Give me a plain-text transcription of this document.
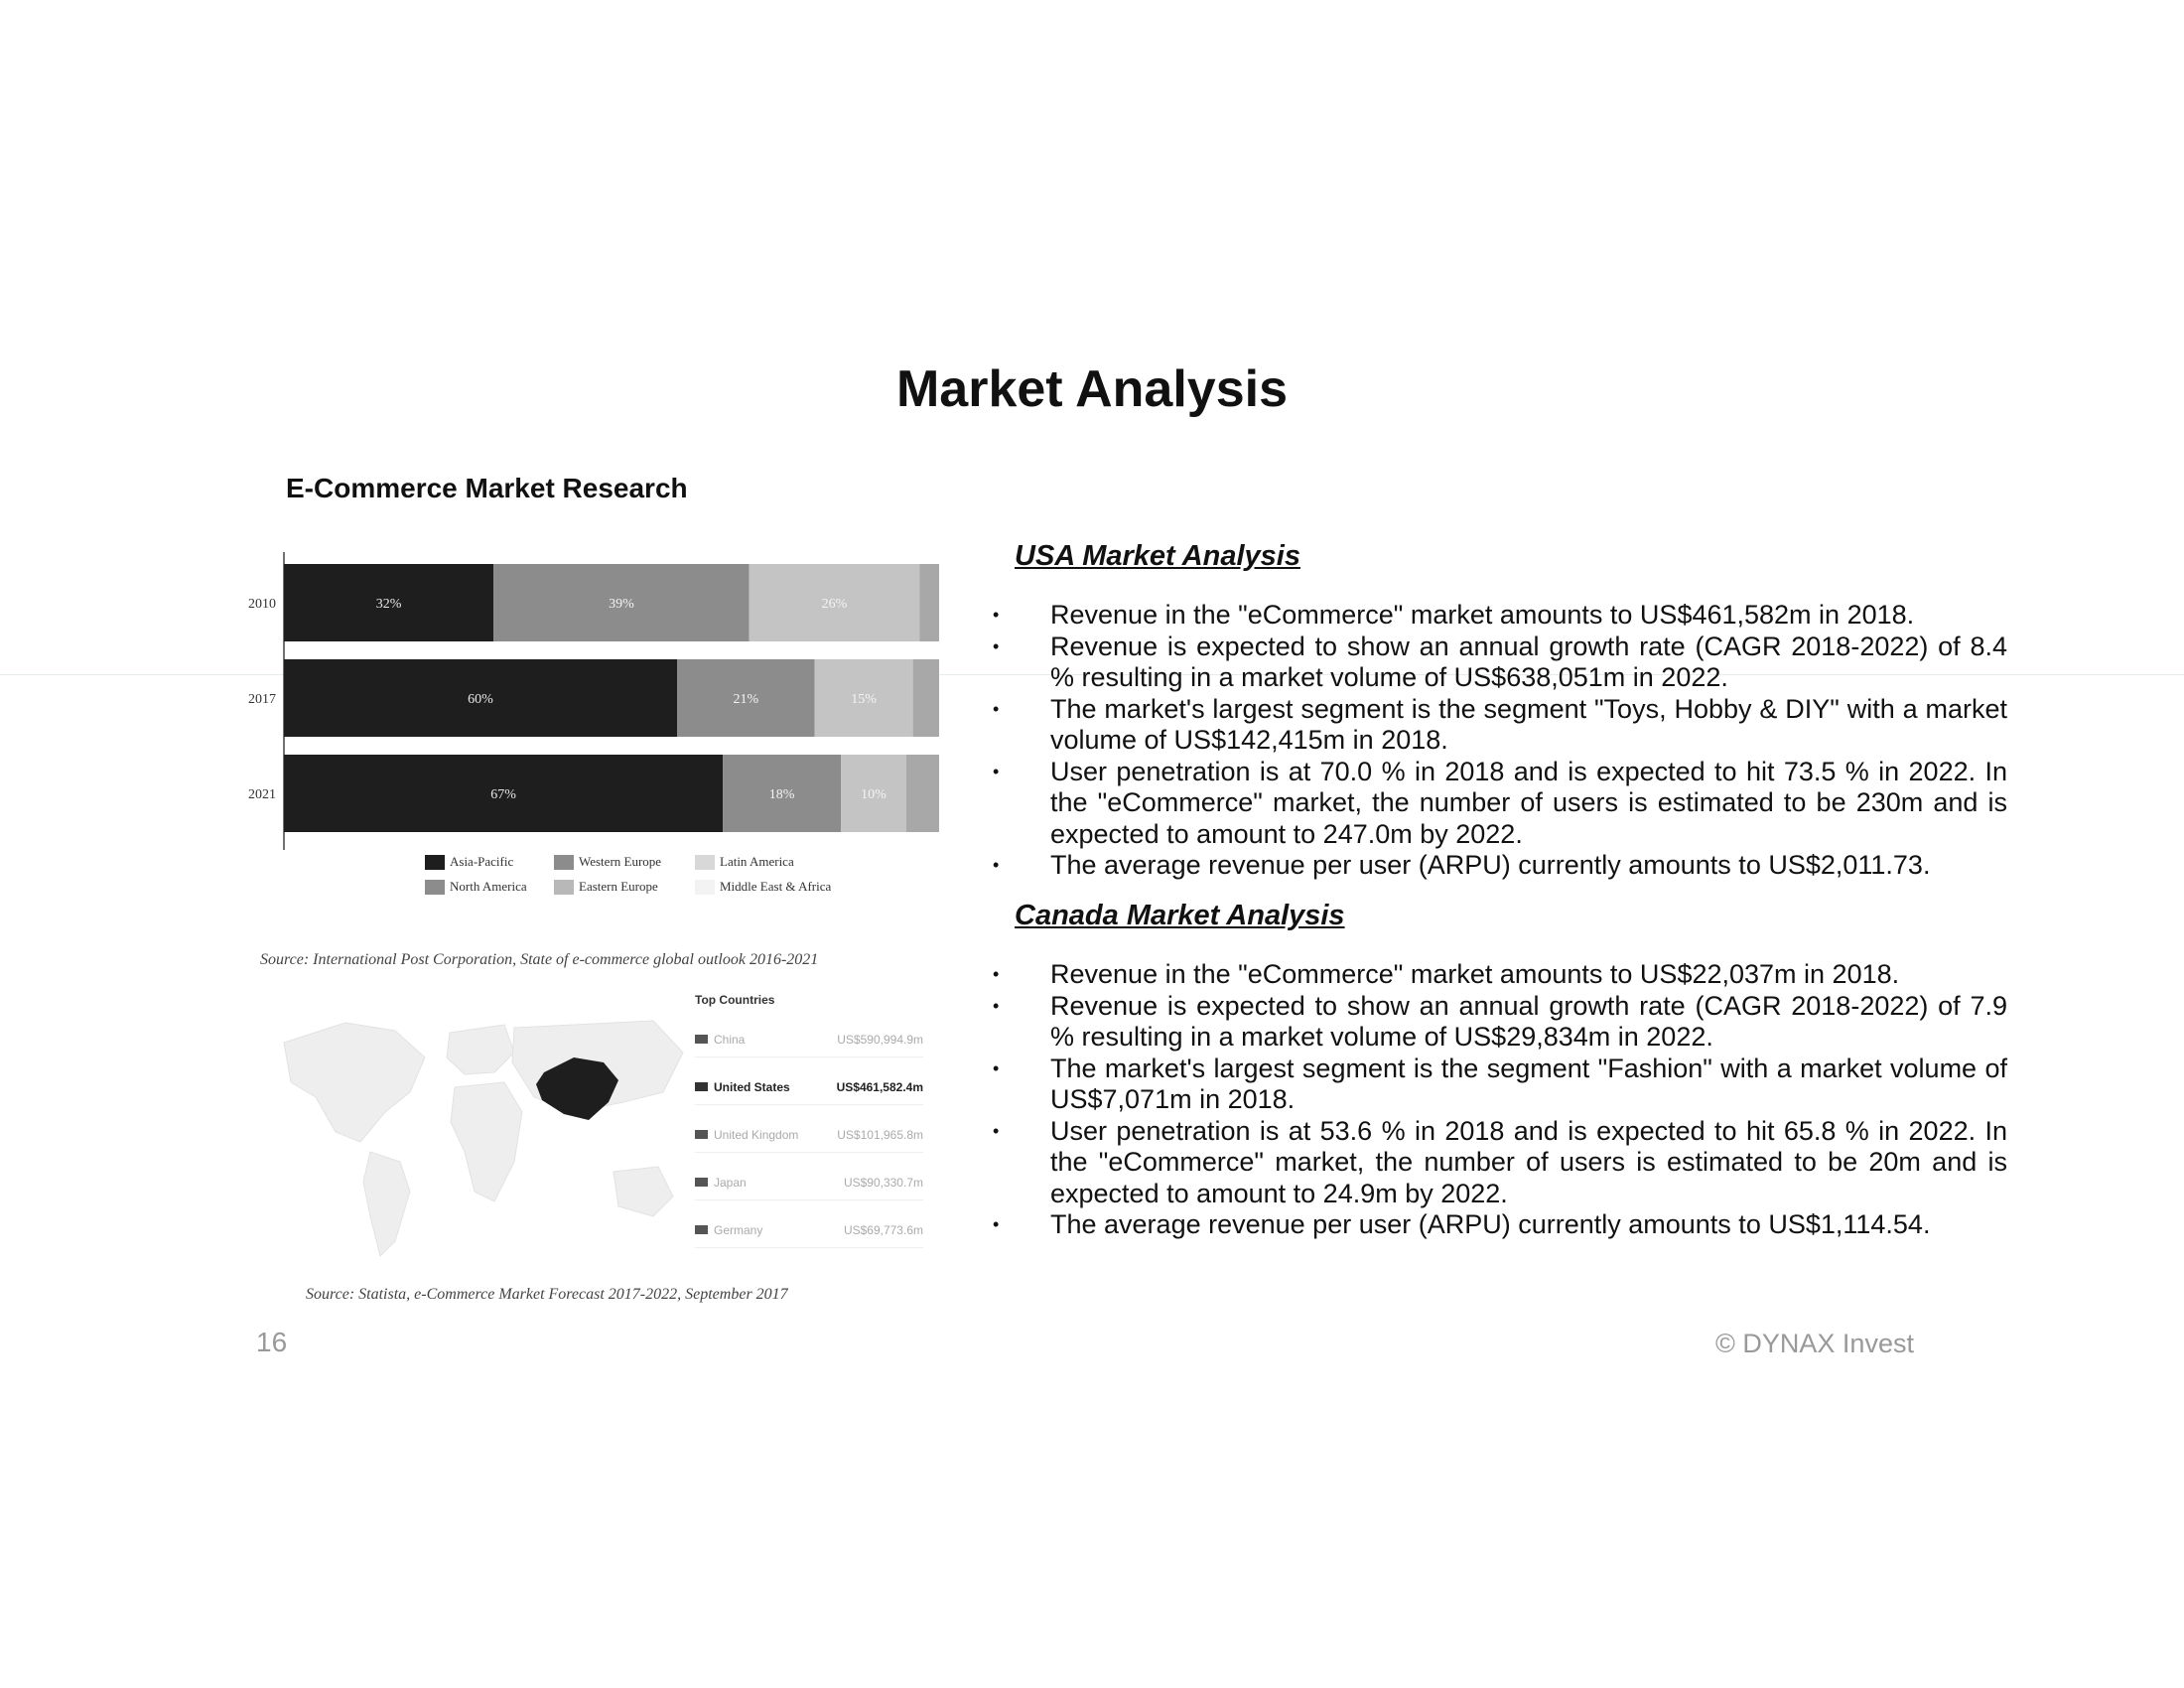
Market Analysis
E-Commerce Market Research
2010	32%	39%	26%
2017	60%	21%	15%
2021	67%	18%	10%
Asia-Pacific	Western Europe	Latin America
North America	Eastern Europe	Middle East & Africa
Source: International Post Corporation, State of e-commerce global outlook 2016-2021
Top Countries
China	US$590,994.9m
United States	US$461,582.4m
United Kingdom	US$101,965.8m
Japan	US$90,330.7m
Germany	US$69,773.6m
Source: Statista, e-Commerce Market Forecast 2017-2022, September 2017
USA Market Analysis
• Revenue in the "eCommerce" market amounts to US$461,582m in 2018.
• Revenue is expected to show an annual growth rate (CAGR 2018-2022) of 8.4 % resulting in a market volume of US$638,051m in 2022.
• The market's largest segment is the segment "Toys, Hobby & DIY" with a market volume of US$142,415m in 2018.
• User penetration is at 70.0 % in 2018 and is expected to hit 73.5 % in 2022. In the "eCommerce" market, the number of users is estimated to be 230m and is expected to amount to 247.0m by 2022.
• The average revenue per user (ARPU) currently amounts to US$2,011.73.
Canada Market Analysis
• Revenue in the "eCommerce" market amounts to US$22,037m in 2018.
• Revenue is expected to show an annual growth rate (CAGR 2018-2022) of 7.9 % resulting in a market volume of US$29,834m in 2022.
• The market's largest segment is the segment "Fashion" with a market volume of US$7,071m in 2018.
• User penetration is at 53.6 % in 2018 and is expected to hit 65.8 % in 2022. In the "eCommerce" market, the number of users is estimated to be 20m and is expected to amount to 24.9m by 2022.
• The average revenue per user (ARPU) currently amounts to US$1,114.54.
16	© DYNAX Invest
